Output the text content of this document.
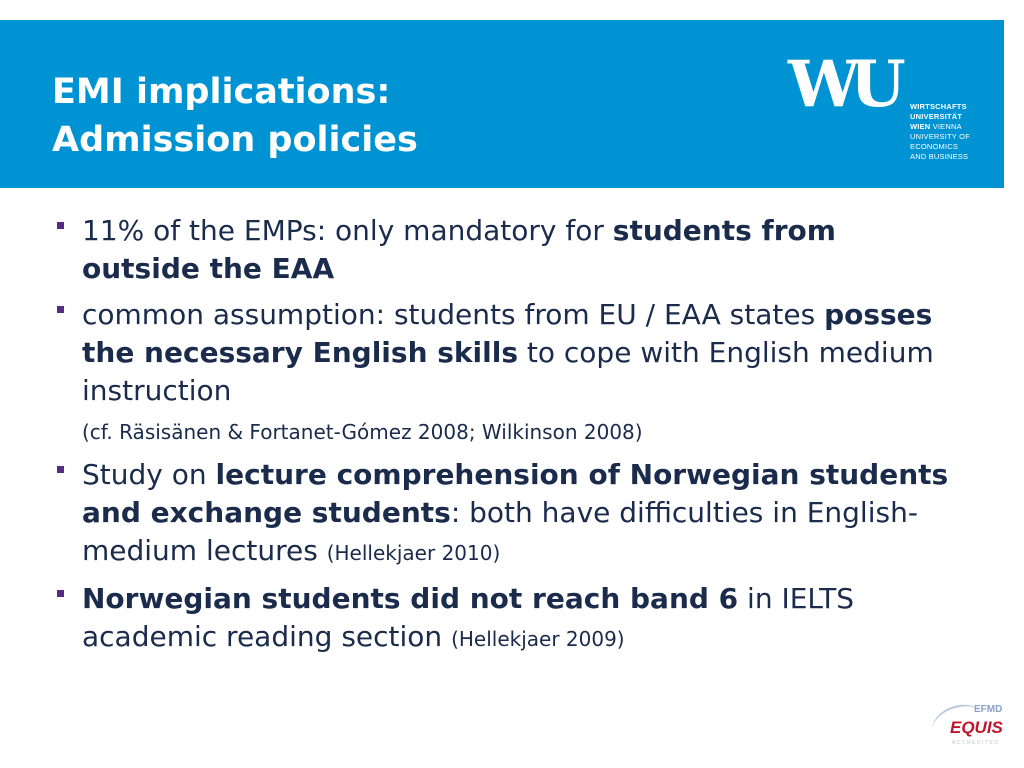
EMI implications:
Admission policies
WU WIRTSCHAFTS
UNIVERSITÄT
WIEN VIENNA
UNIVERSITY OF
ECONOMICS
AND BUSINESS
11% of the EMPs: only mandatory for students from outside the EAA
common assumption: students from EU / EAA states posses the necessary English skills to cope with English medium instruction
(cf. Räsisänen & Fortanet-Gómez 2008; Wilkinson 2008)
Study on lecture comprehension of Norwegian students and exchange students: both have difficulties in English-medium lectures (Hellekjaer 2010)
Norwegian students did not reach band 6 in IELTS academic reading section (Hellekjaer 2009)
EFMD
EQUIS
ACCREDITED
